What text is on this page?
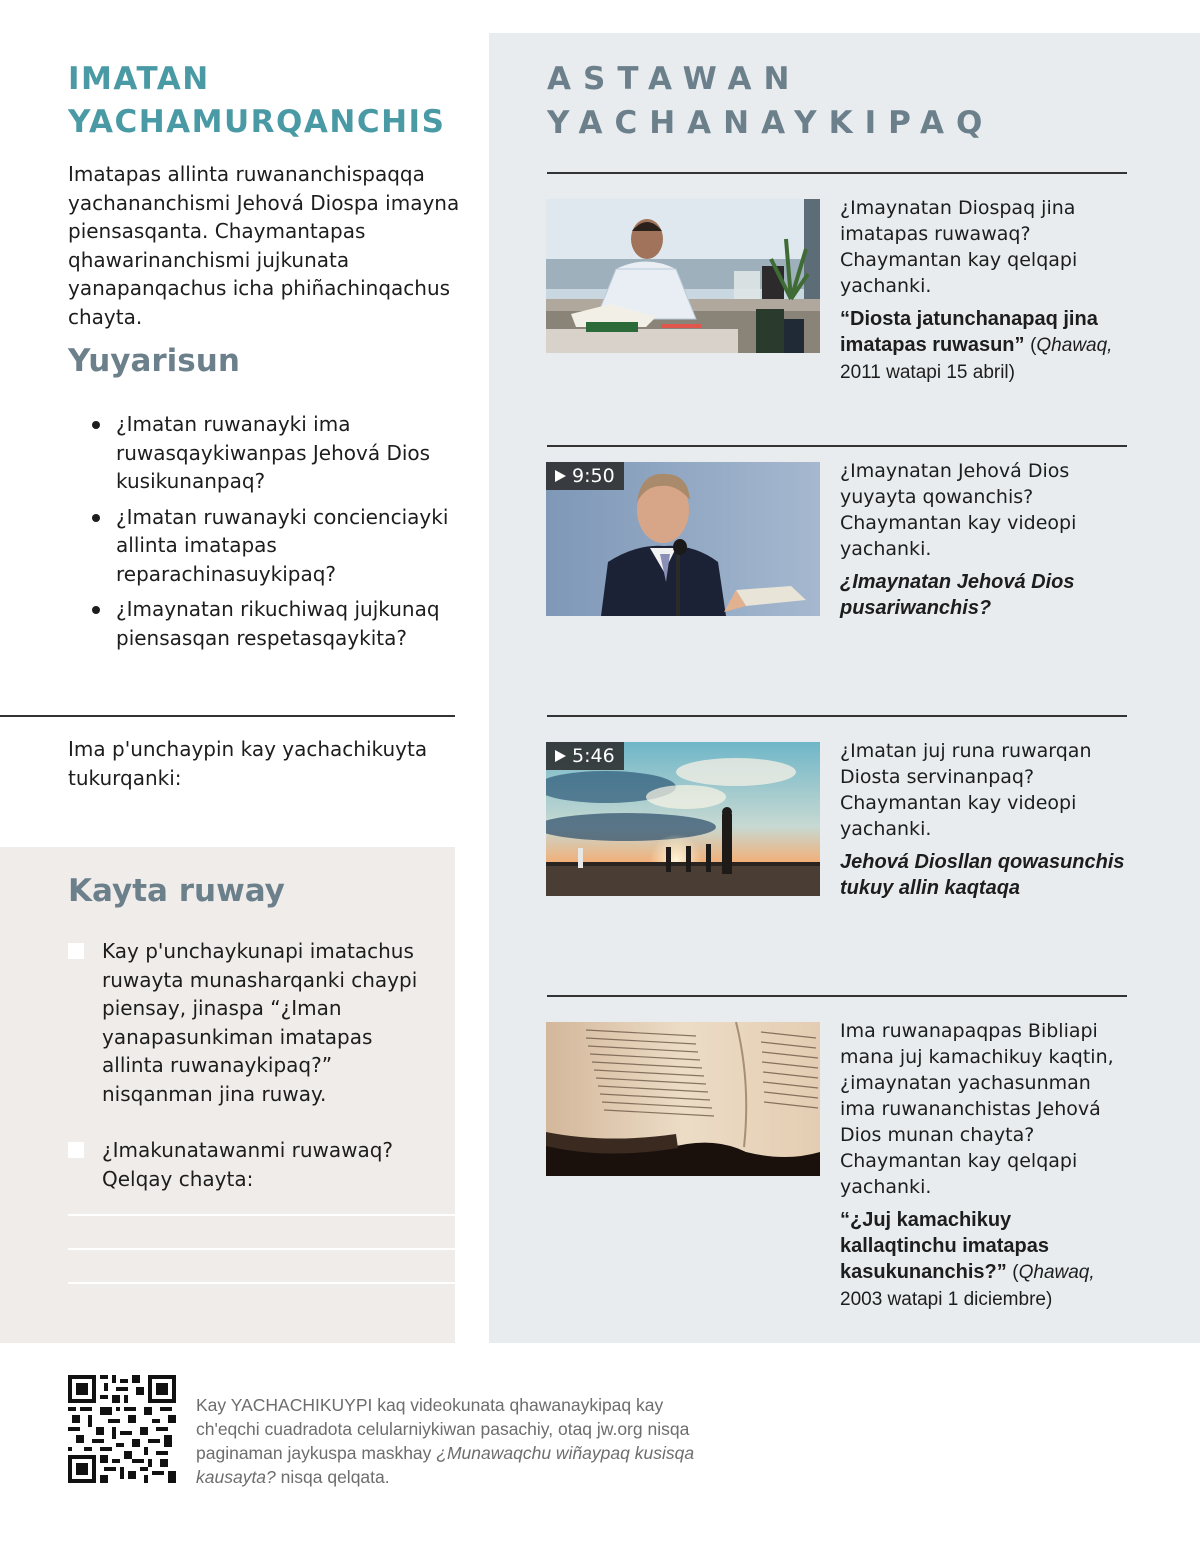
IMATAN
YACHAMURQANCHIS

Imatapas allinta ruwananchispaqqa yachananchismi Jehová Diospa imayna piensasqanta. Chaymantapas qhawarinanchismi jujkunata yanapanqachus icha phiñachinqachus chayta.

Yuyarisun
¿Imatan ruwanayki ima ruwasqaykiwanpas Jehová Dios kusikunanpaq?
¿Imatan ruwanayki concienciayki allinta imatapas reparachinasuykipaq?
¿Imaynatan rikuchiwaq jujkunaq piensasqan respetasqaykita?

Ima p'unchaypin kay yachachikuyta tukurqanki:

Kayta ruway
Kay p'unchaykunapi imatachus ruwayta munasharqanki chaypi piensay, jinaspa “¿Iman yanapasunkiman imatapas allinta ruwanaykipaq?” nisqanman jina ruway.
¿Imakunatawanmi ruwawaq? Qelqay chayta:
ASTAWAN
YACHANAYKIPAQ

¿Imaynatan Diospaq jina imatapas ruwawaq? Chaymantan kay qelqapi yachanki.

“Diosta jatunchanapaq jina imatapas ruwasun” (Qhawaq, 2011 watapi 15 abril)

9:50	¿Imaynatan Jehová Dios yuyayta qowanchis? Chaymantan kay videopi yachanki.

¿Imaynatan Jehová Dios pusariwanchis?

5:46	¿Imatan juj runa ruwarqan Diosta servinanpaq? Chaymantan kay videopi yachanki.

Jehová Diosllan qowasunchis tukuy allin kaqtaqa

Ima ruwanapaqpas Bibliapi mana juj kamachikuy kaqtin, ¿imaynatan yachasunman ima ruwananchistas Jehová Dios munan chayta? Chaymantan kay qelqapi yachanki.

“¿Juj kamachikuy kallaqtinchu imatapas kasukunanchis?” (Qhawaq, 2003 watapi 1 diciembre)

Kay YACHACHIKUYPI kaq videokunata qhawanaykipaq kay ch'eqchi cuadradota celularniykiwan pasachiy, otaq jw.org nisqa paginaman jaykuspa maskhay ¿Munawaqchu wiñaypaq kusisqa kausayta? nisqa qelqata.
